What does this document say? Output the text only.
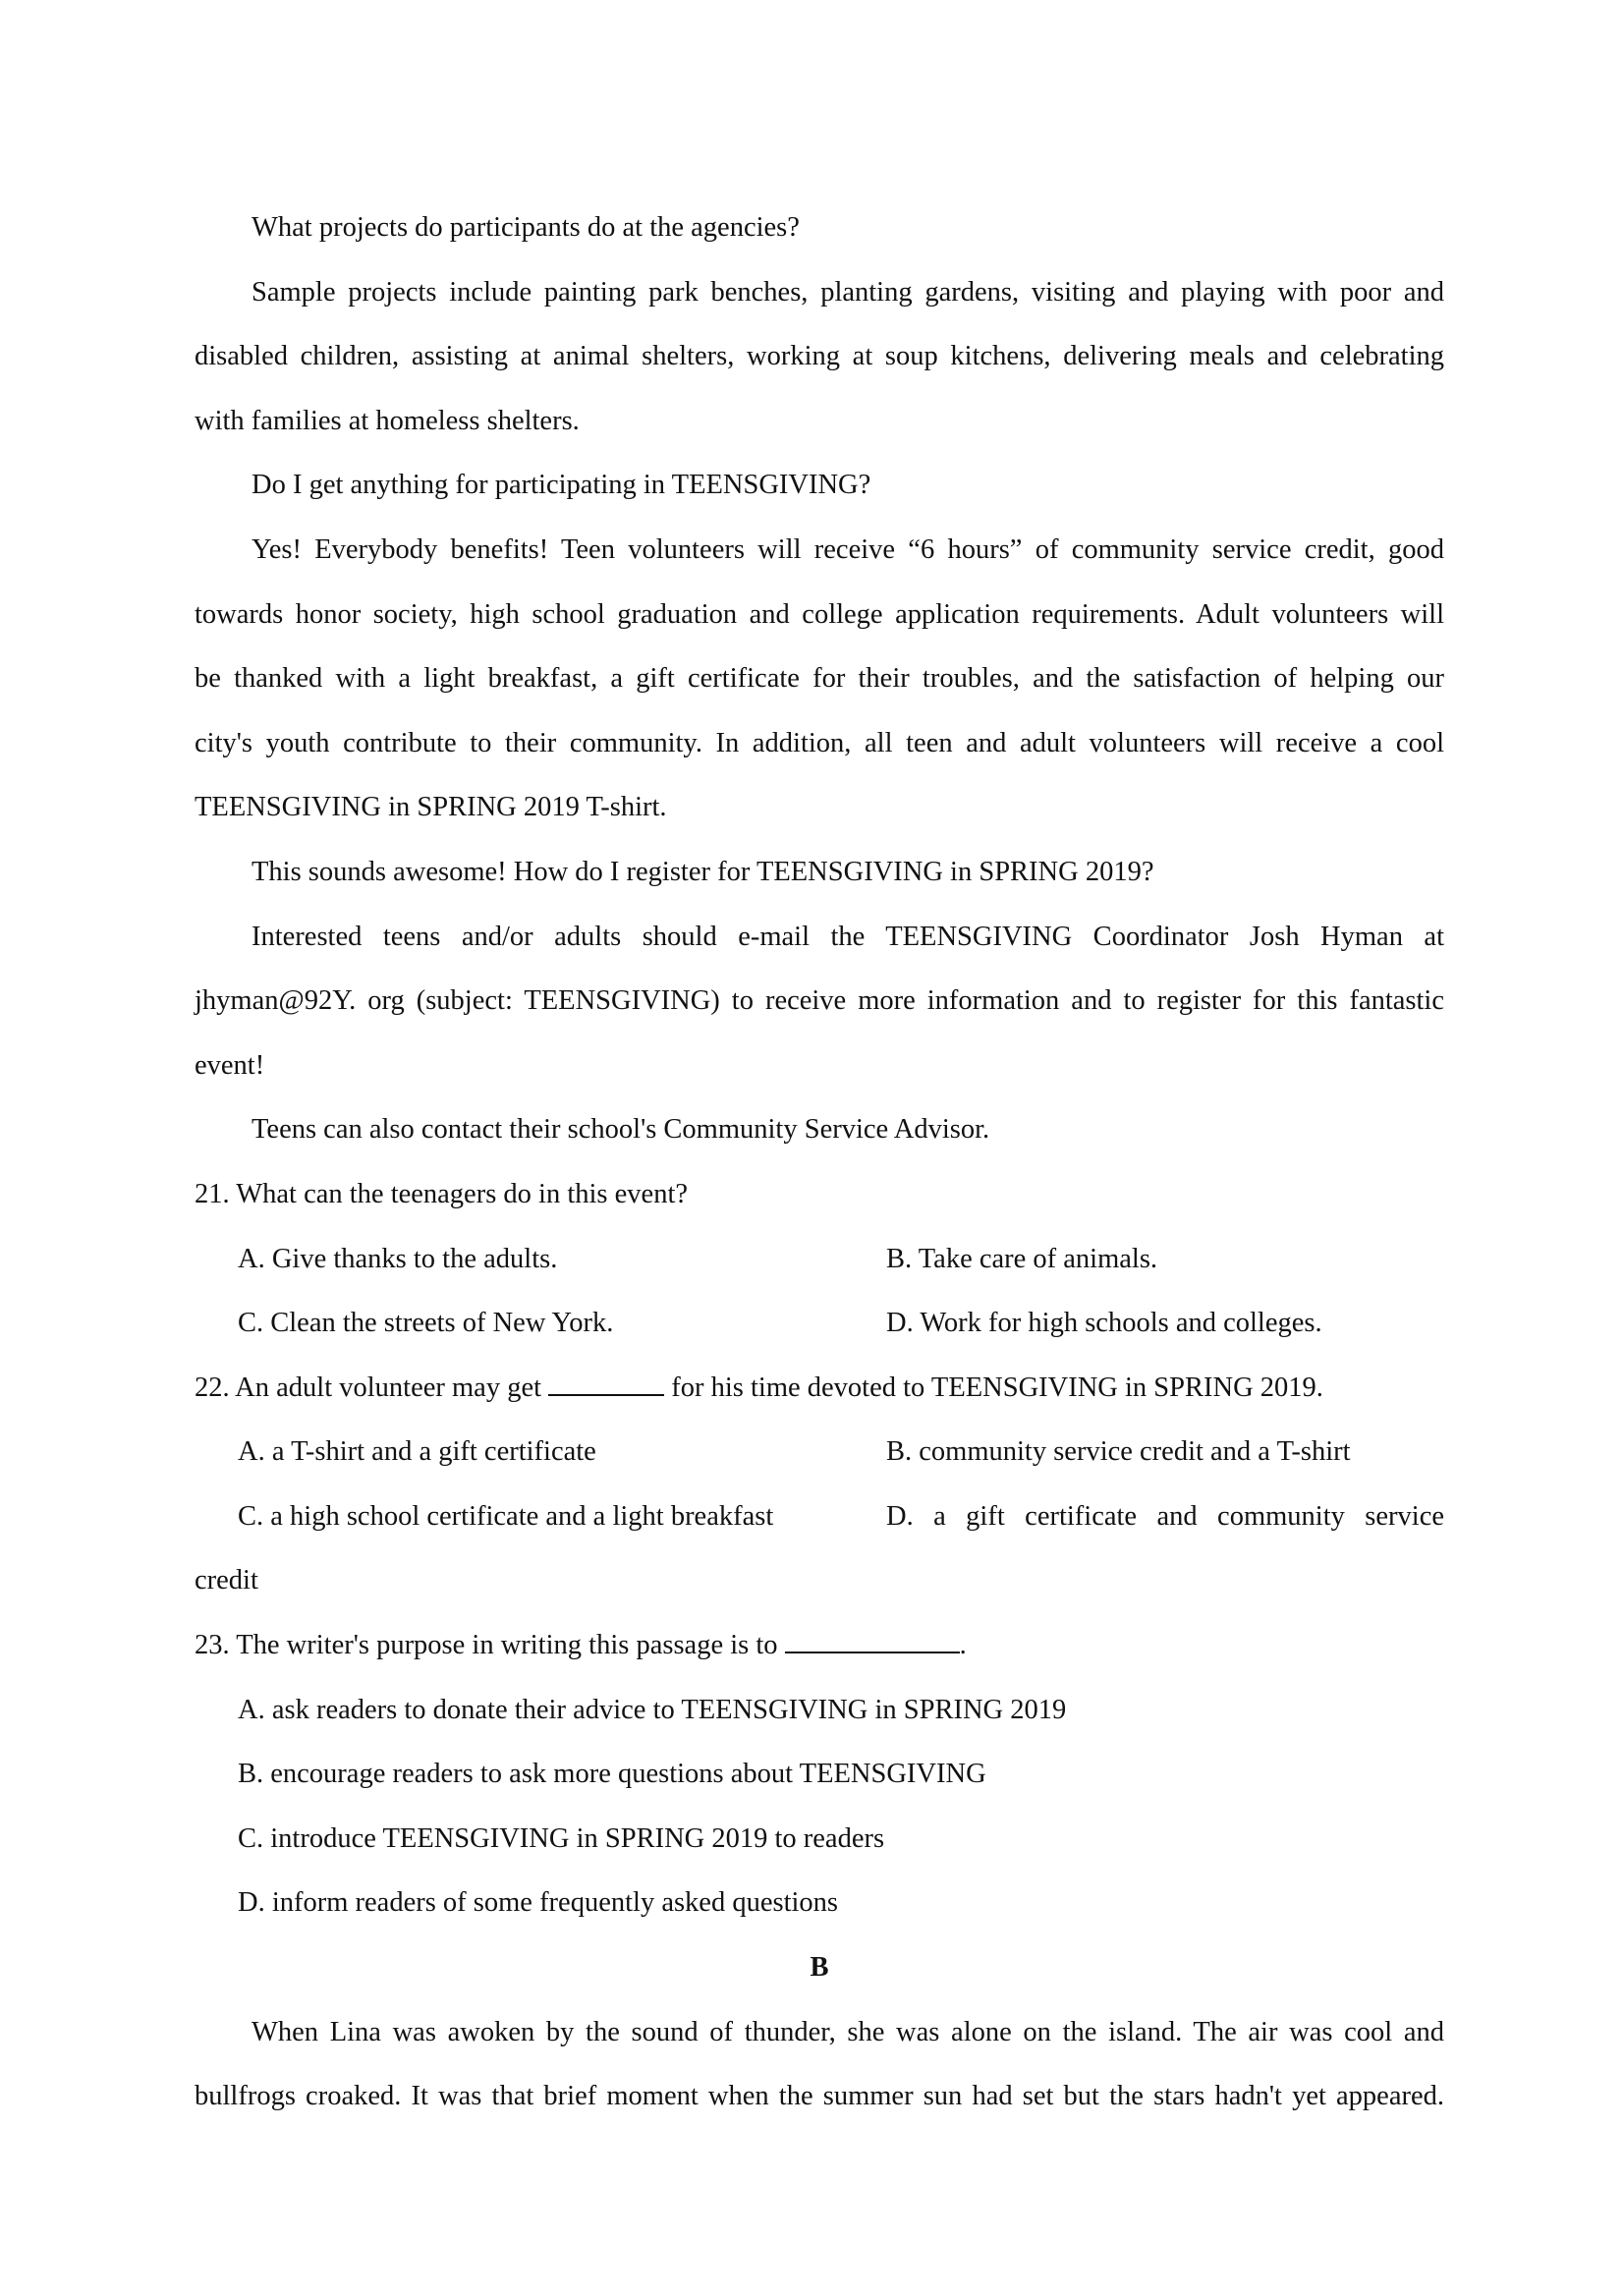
What projects do participants do at the agencies?
Sample projects include painting park benches, planting gardens, visiting and playing with poor and
disabled children, assisting at animal shelters, working at soup kitchens, delivering meals and celebrating
with families at homeless shelters.
Do I get anything for participating in TEENSGIVING?
Yes! Everybody benefits! Teen volunteers will receive “6 hours” of community service credit, good
towards honor society, high school graduation and college application requirements. Adult volunteers will
be thanked with a light breakfast, a gift certificate for their troubles, and the satisfaction of helping our
city's youth contribute to their community. In addition, all teen and adult volunteers will receive a cool
TEENSGIVING in SPRING 2019 T-shirt.
This sounds awesome! How do I register for TEENSGIVING in SPRING 2019?
Interested teens and/or adults should e-mail the TEENSGIVING Coordinator Josh Hyman at
jhyman@92Y. org (subject: TEENSGIVING) to receive more information and to register for this fantastic
event!
Teens can also contact their school's Community Service Advisor.
21. What can the teenagers do in this event?
A. Give thanks to the adults.	B. Take care of animals.
C. Clean the streets of New York.	D. Work for high schools and colleges.
22. An adult volunteer may get	for his time devoted to TEENSGIVING in SPRING 2019.
A. a T-shirt and a gift certificate	B. community service credit and a T-shirt
C. a high school certificate and a light breakfast	D. a gift certificate and community service
credit
23. The writer's purpose in writing this passage is to	.
A. ask readers to donate their advice to TEENSGIVING in SPRING 2019
B. encourage readers to ask more questions about TEENSGIVING
C. introduce TEENSGIVING in SPRING 2019 to readers
D. inform readers of some frequently asked questions
B
When Lina was awoken by the sound of thunder, she was alone on the island. The air was cool and
bullfrogs croaked. It was that brief moment when the summer sun had set but the stars hadn't yet appeared.
